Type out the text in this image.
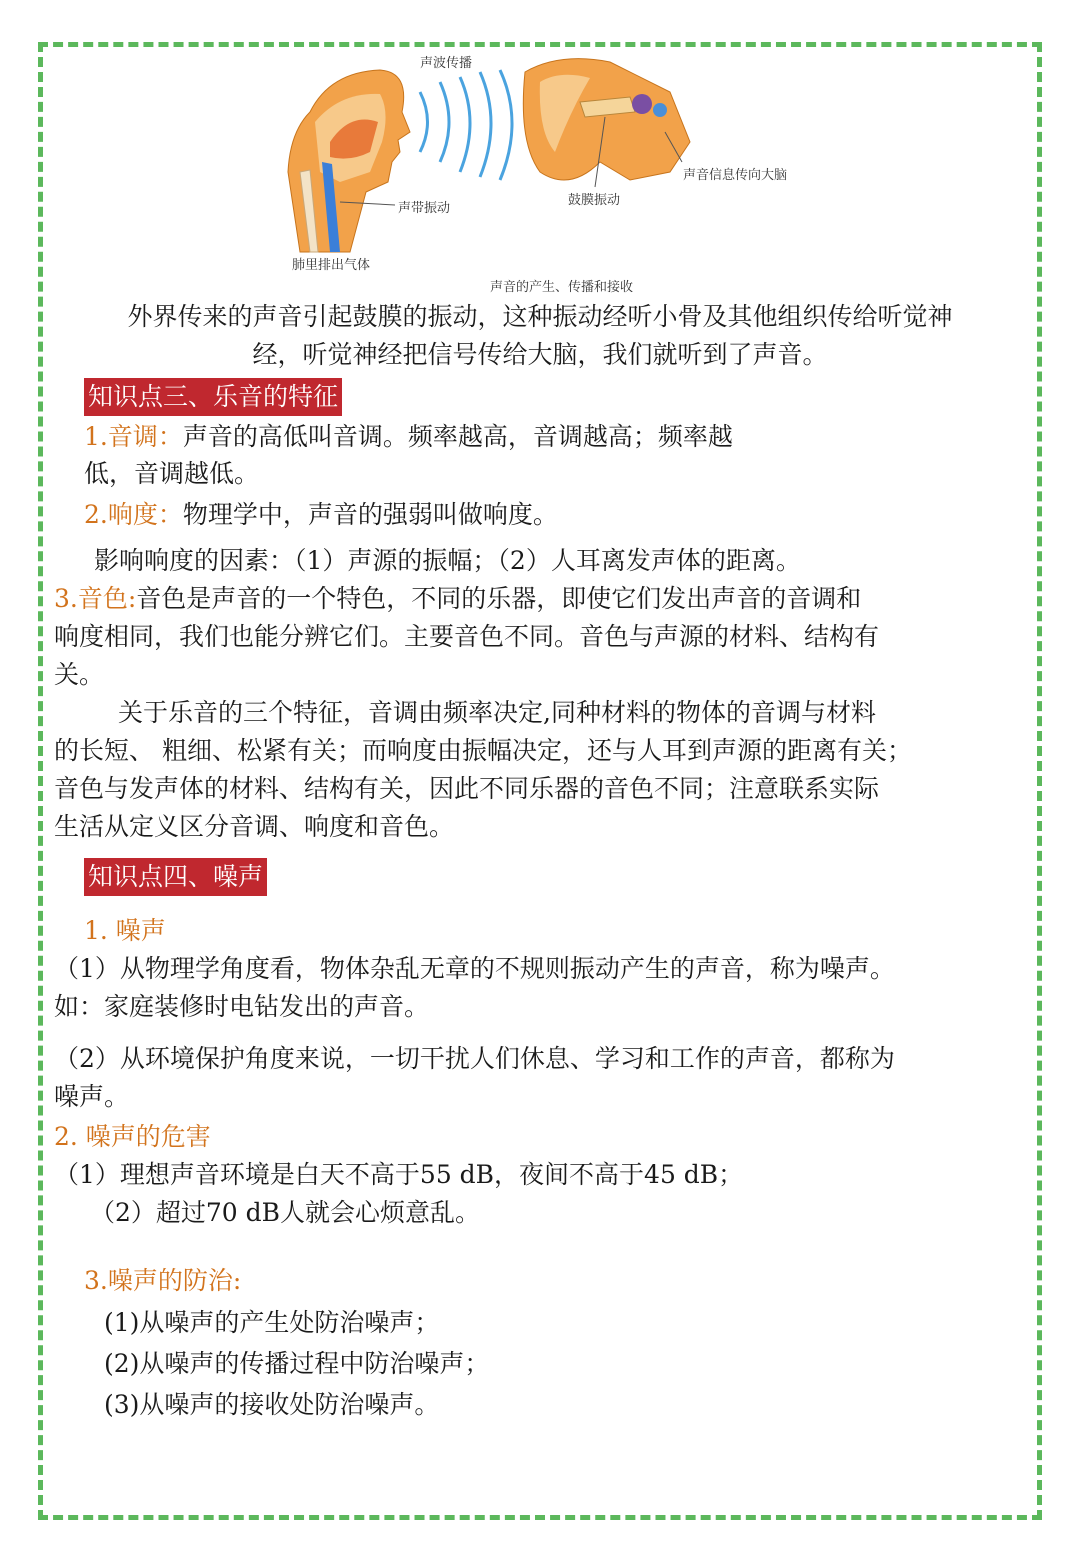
声波传播
声音信息传向大脑
声带振动
鼓膜振动
肺里排出气体
声音的产生、传播和接收
外界传来的声音引起鼓膜的振动，这种振动经听小骨及其他组织传给听觉神
经，听觉神经把信号传给大脑，我们就听到了声音。
知识点三、乐音的特征
1.音调：声音的高低叫音调。频率越高，音调越高；频率越
低，音调越低。
2.响度：物理学中，声音的强弱叫做响度。
影响响度的因素：（1）声源的振幅；（2）人耳离发声体的距离。
3.音色:音色是声音的一个特色，不同的乐器，即使它们发出声音的音调和
响度相同，我们也能分辨它们。主要音色不同。音色与声源的材料、结构有
关。
关于乐音的三个特征，音调由频率决定,同种材料的物体的音调与材料
的长短、 粗细、松紧有关；而响度由振幅决定，还与人耳到声源的距离有关；
音色与发声体的材料、结构有关，因此不同乐器的音色不同；注意联系实际
生活从定义区分音调、响度和音色。
知识点四、噪声
1. 噪声
（1）从物理学角度看，物体杂乱无章的不规则振动产生的声音，称为噪声。
如：家庭装修时电钻发出的声音。
（2）从环境保护角度来说，一切干扰人们休息、学习和工作的声音，都称为
噪声。
2. 噪声的危害
（1）理想声音环境是白天不高于55 dB，夜间不高于45 dB；
（2）超过70 dB人就会心烦意乱。
3.噪声的防治:
(1)从噪声的产生处防治噪声；
(2)从噪声的传播过程中防治噪声；
(3)从噪声的接收处防治噪声。
